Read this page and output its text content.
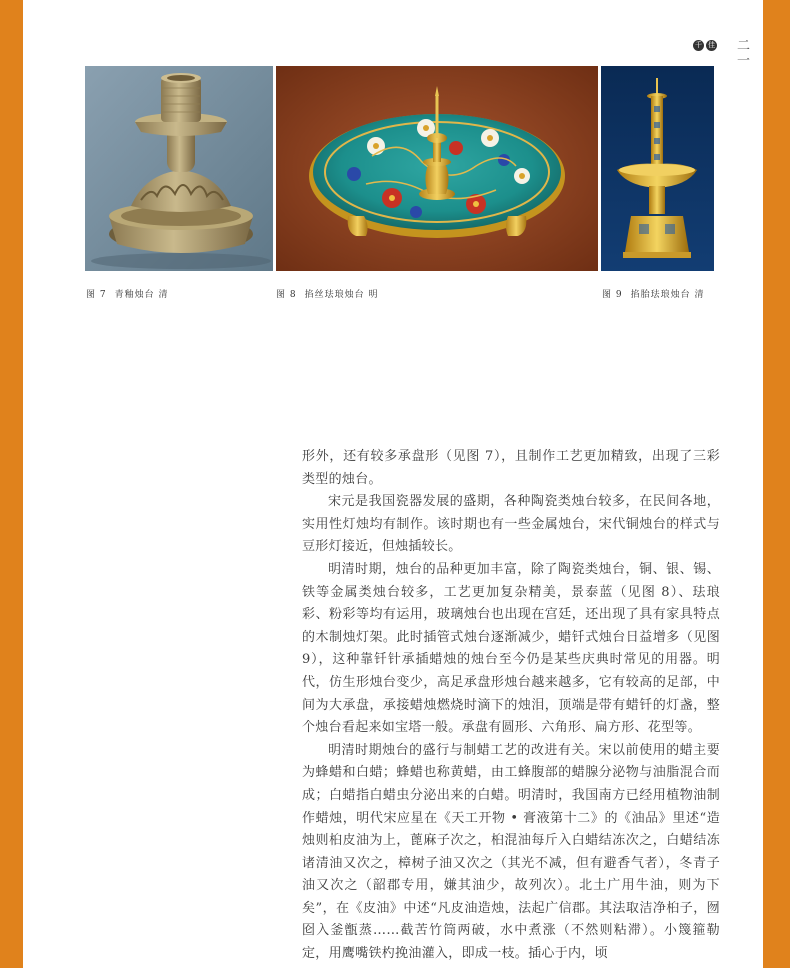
千 佳	二一
图 7 青釉烛台 清	图 8 掐丝珐琅烛台 明	图 9 掐胎珐琅烛台 清

形外，还有较多承盘形（见图 7），且制作工艺更加精致，出现了三彩类型的烛台。

宋元是我国瓷器发展的盛期，各种陶瓷类烛台较多，在民间各地，实用性灯烛均有制作。该时期也有一些金属烛台，宋代铜烛台的样式与豆形灯接近，但烛插较长。

明清时期，烛台的品种更加丰富，除了陶瓷类烛台，铜、银、锡、铁等金属类烛台较多，工艺更加复杂精美，景泰蓝（见图 8）、珐琅彩、粉彩等均有运用，玻璃烛台也出现在宫廷，还出现了具有家具特点的木制烛灯架。此时插管式烛台逐渐减少，蜡钎式烛台日益增多（见图 9），这种靠钎针承插蜡烛的烛台至今仍是某些庆典时常见的用器。明代，仿生形烛台变少，高足承盘形烛台越来越多，它有较高的足部，中间为大承盘，承接蜡烛燃烧时滴下的烛泪，顶端是带有蜡钎的灯盏，整个烛台看起来如宝塔一般。承盘有圆形、六角形、扁方形、花型等。

明清时期烛台的盛行与制蜡工艺的改进有关。宋以前使用的蜡主要为蜂蜡和白蜡；蜂蜡也称黄蜡，由工蜂腹部的蜡腺分泌物与油脂混合而成；白蜡指白蜡虫分泌出来的白蜡。明清时，我国南方已经用植物油制作蜡烛，明代宋应星在《天工开物 • 膏液第十二》的《油品》里述“造烛则桕皮油为上，蓖麻子次之，桕混油每斤入白蜡结冻次之，白蜡结冻诸清油又次之，樟树子油又次之（其光不减，但有避香气者），冬青子油又次之（韶郡专用，嫌其油少，故列次）。北土广用牛油，则为下矣”，在《皮油》中述“凡皮油造烛，法起广信郡。其法取洁净桕子，囫囵入釜甑蒸……截苦竹筒两破，水中煮涨（不然则粘滞）。小篾箍勒定，用鹰嘴铁杓挽油灌入，即成一枝。插心于内，顷
